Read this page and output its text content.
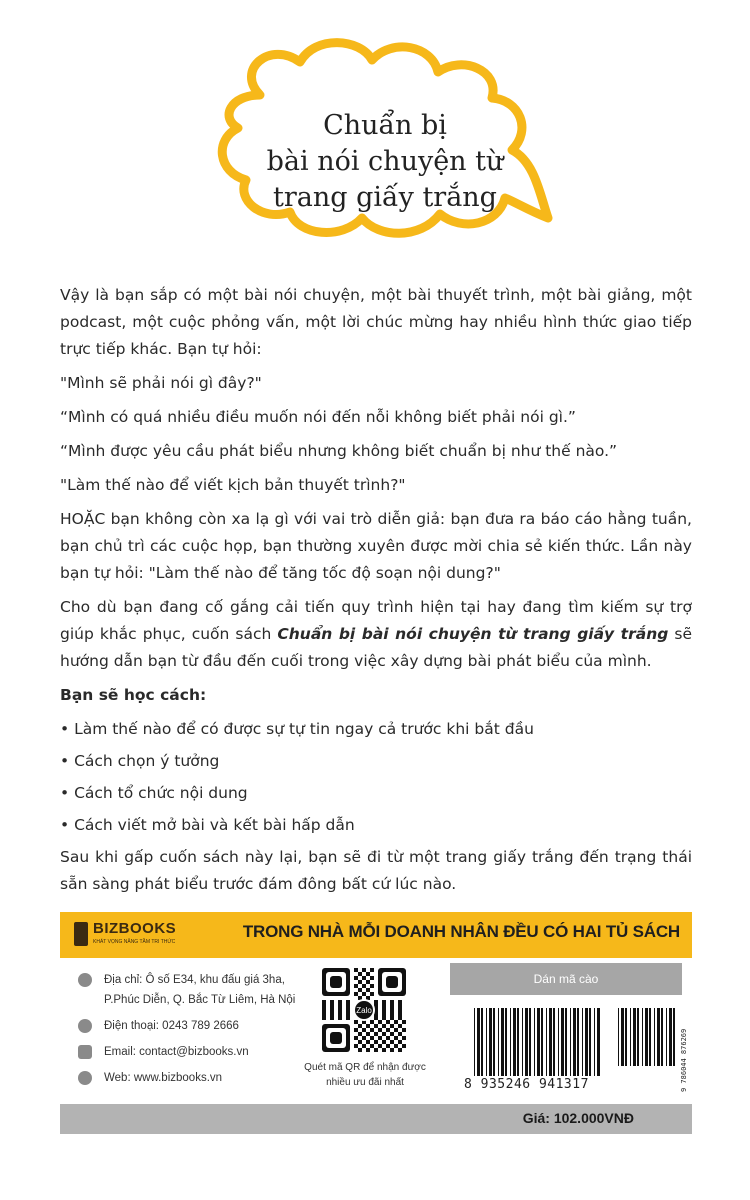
Chuẩn bị
bài nói chuyện từ
trang giấy trắng

Vậy là bạn sắp có một bài nói chuyện, một bài thuyết trình, một bài giảng, một podcast, một cuộc phỏng vấn, một lời chúc mừng hay nhiều hình thức giao tiếp trực tiếp khác. Bạn tự hỏi:

"Mình sẽ phải nói gì đây?"

“Mình có quá nhiều điều muốn nói đến nỗi không biết phải nói gì.”

“Mình được yêu cầu phát biểu nhưng không biết chuẩn bị như thế nào.”

"Làm thế nào để viết kịch bản thuyết trình?"

HOẶC bạn không còn xa lạ gì với vai trò diễn giả: bạn đưa ra báo cáo hằng tuần, bạn chủ trì các cuộc họp, bạn thường xuyên được mời chia sẻ kiến thức. Lần này bạn tự hỏi: "Làm thế nào để tăng tốc độ soạn nội dung?"

Cho dù bạn đang cố gắng cải tiến quy trình hiện tại hay đang tìm kiếm sự trợ giúp khắc phục, cuốn sách Chuẩn bị bài nói chuyện từ trang giấy trắng sẽ hướng dẫn bạn từ đầu đến cuối trong việc xây dựng bài phát biểu của mình.

Bạn sẽ học cách:

• Làm thế nào để có được sự tự tin ngay cả trước khi bắt đầu
• Cách chọn ý tưởng
• Cách tổ chức nội dung
• Cách viết mở bài và kết bài hấp dẫn

Sau khi gấp cuốn sách này lại, bạn sẽ đi từ một trang giấy trắng đến trạng thái sẵn sàng phát biểu trước đám đông bất cứ lúc nào.

BIZBOOKS
KHÁT VỌNG NÂNG TẦM TRI THỨC
TRONG NHÀ MỖI DOANH NHÂN ĐỀU CÓ HAI TỦ SÁCH
Địa chỉ: Ô số E34, khu đấu giá 3ha,
P.Phúc Diễn, Q. Bắc Từ Liêm, Hà Nội
Điện thoại: 0243 789 2666
Email: contact@bizbooks.vn
Web: www.bizbooks.vn
Zalo
Quét mã QR để nhận được
nhiều ưu đãi nhất
Dán mã cào
8 935246 941317	9 786044 876269
Giá: 102.000VNĐ
